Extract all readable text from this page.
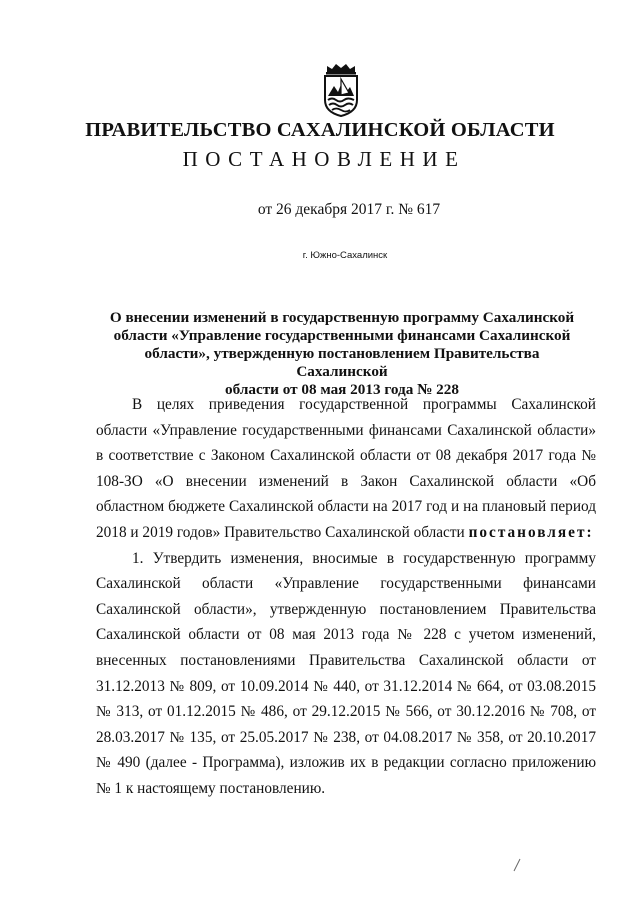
ПРАВИТЕЛЬСТВО САХАЛИНСКОЙ ОБЛАСТИ
ПОСТАНОВЛЕНИЕ
от 26 декабря 2017 г. № 617
г. Южно-Сахалинск
О внесении изменений в государственную программу Сахалинской
области «Управление государственными финансами Сахалинской
области», утвержденную постановлением Правительства Сахалинской
области от 08 мая 2013 года № 228

В целях приведения государственной программы Сахалинской области «Управление государственными финансами Сахалинской области» в соответствие с Законом Сахалинской области от 08 декабря 2017 года № 108-ЗО «О внесении изменений в Закон Сахалинской области «Об областном бюджете Сахалинской области на 2017 год и на плановый период 2018 и 2019 годов» Правительство Сахалинской области постановляет:

1. Утвердить изменения, вносимые в государственную программу Сахалинской области «Управление государственными финансами Сахалинской области», утвержденную постановлением Правительства Сахалинской области от 08 мая 2013 года № 228 с учетом изменений, внесенных постановлениями Правительства Сахалинской области от 31.12.2013 № 809, от 10.09.2014 № 440, от 31.12.2014 № 664, от 03.08.2015 № 313, от 01.12.2015 № 486, от 29.12.2015 № 566, от 30.12.2016 № 708, от 28.03.2017 № 135, от 25.05.2017 № 238, от 04.08.2017 № 358, от 20.10.2017 № 490 (далее - Программа), изложив их в редакции согласно приложению № 1 к настоящему постановлению.
